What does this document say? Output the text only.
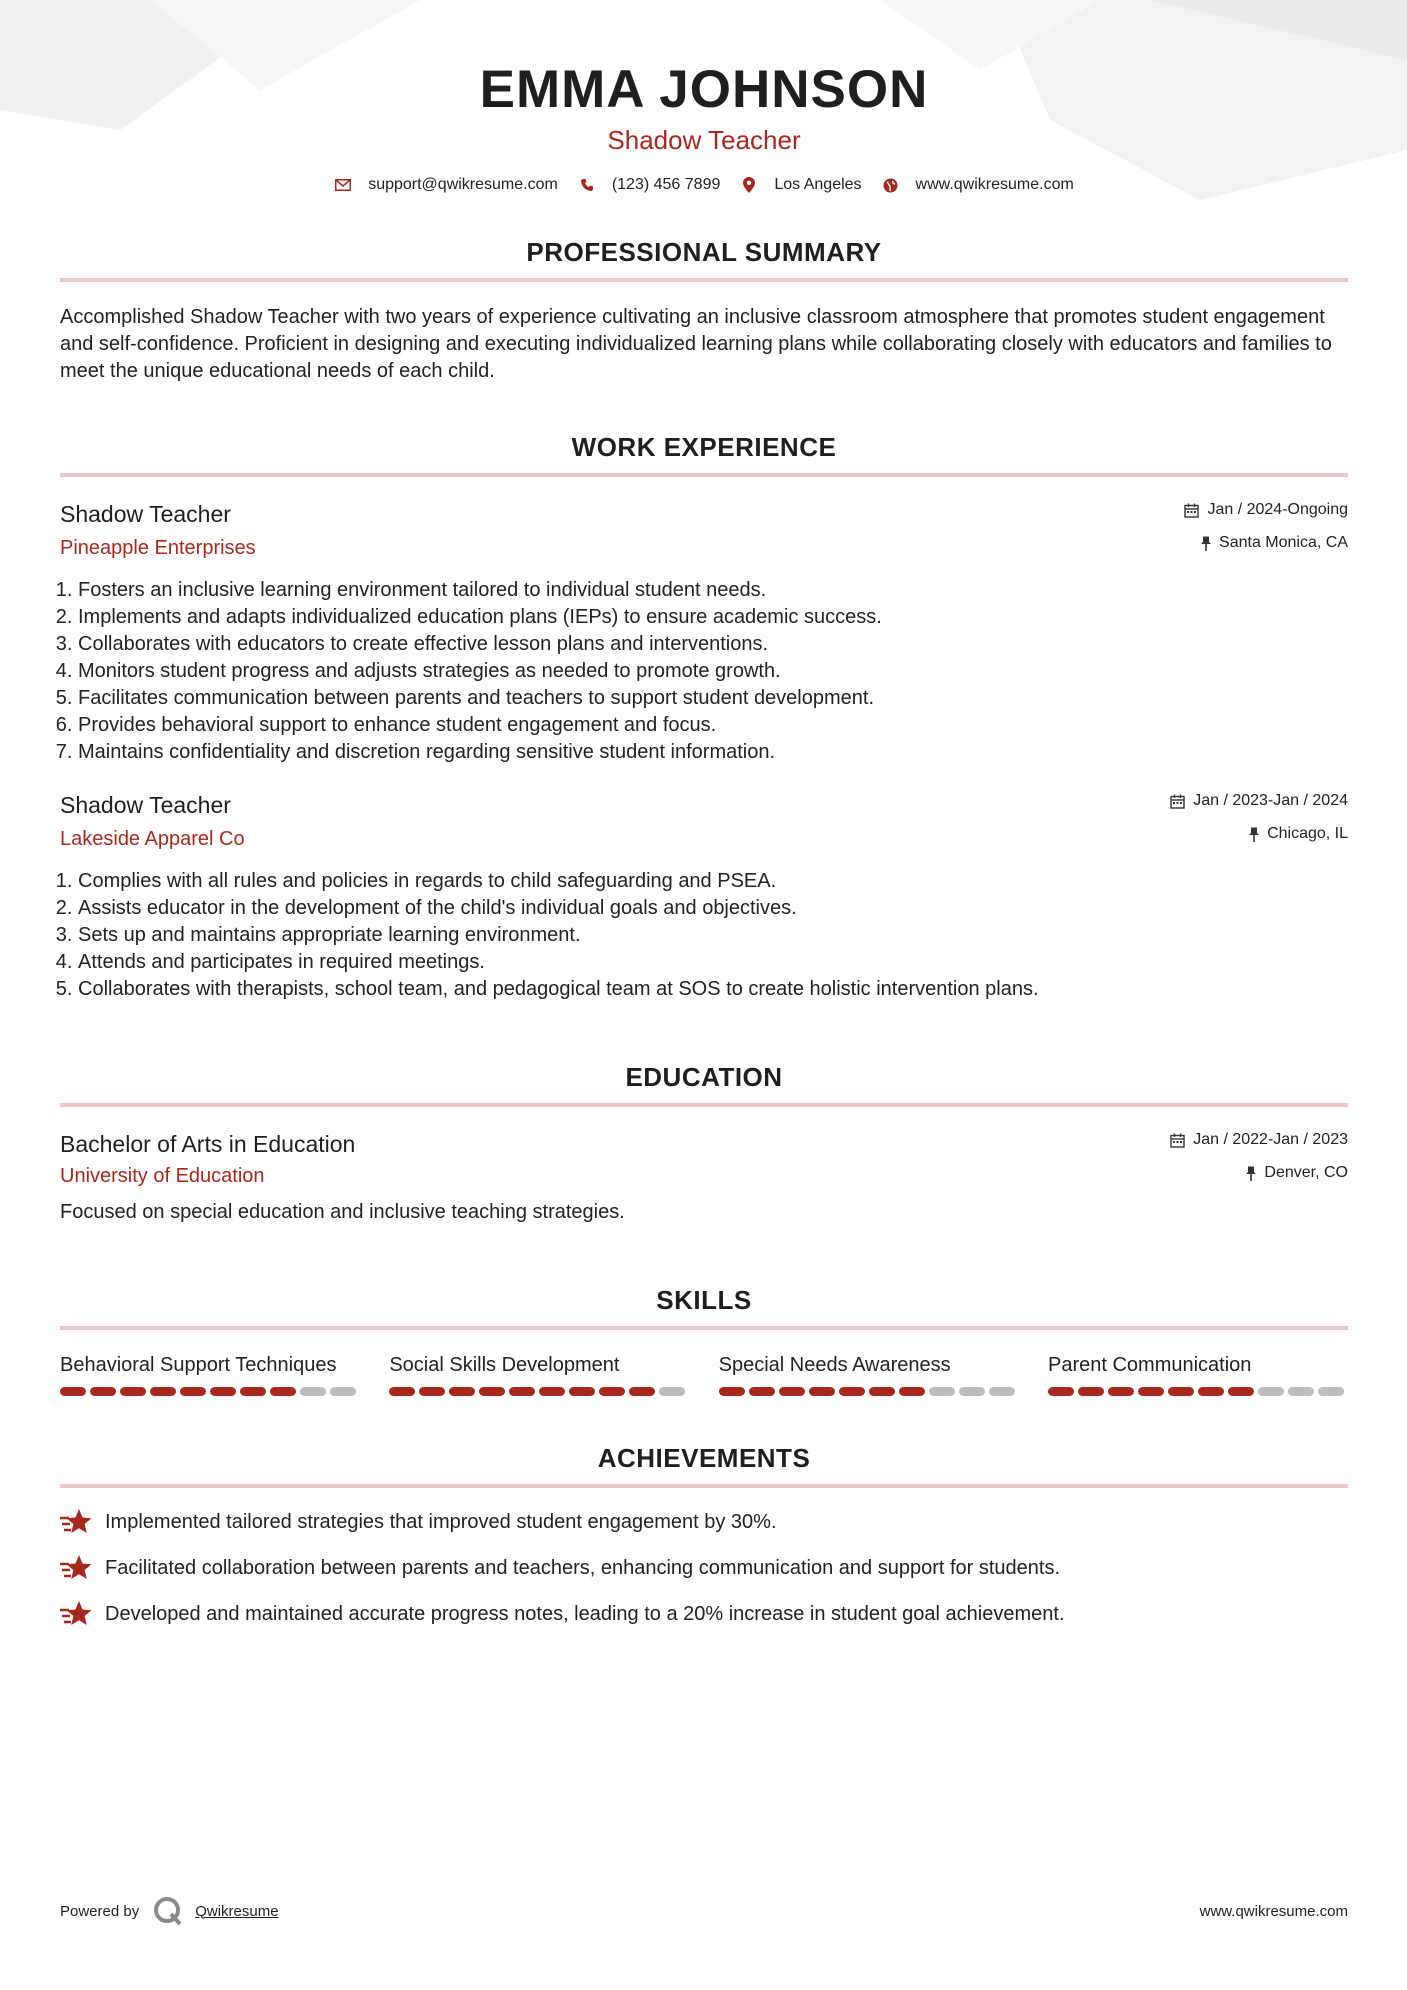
EMMA JOHNSON
Shadow Teacher
support@qwikresume.com	(123) 456 7899	Los Angeles	www.qwikresume.com
PROFESSIONAL SUMMARY
Accomplished Shadow Teacher with two years of experience cultivating an inclusive classroom atmosphere that promotes student engagement and self-confidence. Proficient in designing and executing individualized learning plans while collaborating closely with educators and families to meet the unique educational needs of each child.
WORK EXPERIENCE
Shadow Teacher
Pineapple Enterprises
Jan / 2024-Ongoing
Santa Monica, CA
1. Fosters an inclusive learning environment tailored to individual student needs.
2. Implements and adapts individualized education plans (IEPs) to ensure academic success.
3. Collaborates with educators to create effective lesson plans and interventions.
4. Monitors student progress and adjusts strategies as needed to promote growth.
5. Facilitates communication between parents and teachers to support student development.
6. Provides behavioral support to enhance student engagement and focus.
7. Maintains confidentiality and discretion regarding sensitive student information.
Shadow Teacher
Lakeside Apparel Co
Jan / 2023-Jan / 2024
Chicago, IL
1. Complies with all rules and policies in regards to child safeguarding and PSEA.
2. Assists educator in the development of the child's individual goals and objectives.
3. Sets up and maintains appropriate learning environment.
4. Attends and participates in required meetings.
5. Collaborates with therapists, school team, and pedagogical team at SOS to create holistic intervention plans.
EDUCATION
Bachelor of Arts in Education
University of Education
Jan / 2022-Jan / 2023
Denver, CO
Focused on special education and inclusive teaching strategies.
SKILLS
Behavioral Support Techniques	Social Skills Development	Special Needs Awareness	Parent Communication
ACHIEVEMENTS
Implemented tailored strategies that improved student engagement by 30%.
Facilitated collaboration between parents and teachers, enhancing communication and support for students.
Developed and maintained accurate progress notes, leading to a 20% increase in student goal achievement.
Powered by	Qwikresume	www.qwikresume.com
